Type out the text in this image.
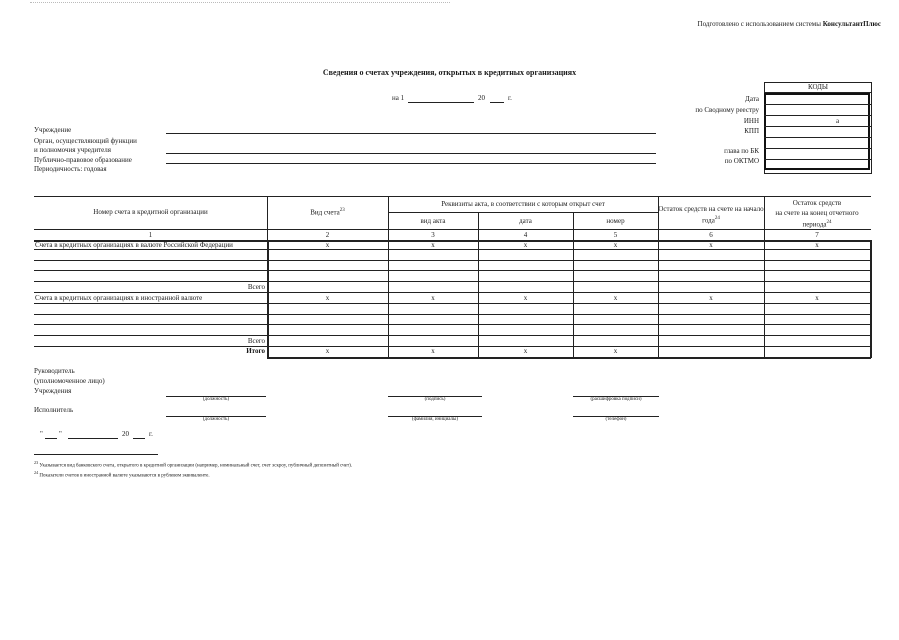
Подготовлено с использованием системы КонсультантПлюс
Сведения о счетах учреждения, открытых в кредитных организациях
на 1	20	г.
КОДЫ
а
Дата
по Сводному реестру
ИНН
КПП
глава по БК
по ОКТМО
Учреждение
Орган, осуществляющий функции
и полномочия учредителя
Публично-правовое образование
Периодичность: годовая
Номер счета в кредитной организации	Вид счета$^{23}$
Реквизиты акта, в соответствии с которым открыт счет
вид акта	дата	номер
Остаток средств на счете на начало года$^{24}$
Остаток средств
на счете на конец отчетного
периода$^{24}$
1	2	3	4	5	6	7
Счета в кредитных организациях в валюте Российской Федерации	x	x	x	x	x	x
Всего
Счета в кредитных организациях в иностранной валюте	x	x	x	x	x	x
Всего
Итого	x	x	x	x
Руководитель
(уполномоченное лицо)
Учреждения
(должность)	(подпись)	(расшифровка подписи)
Исполнитель
(должность)	(фамилия, инициалы)	(телефон)
" "	20	г.
$^{23}$ Указывается вид банковского счета, открытого в кредитной организации (например, номинальный счет, счет эскроу, публичный депозитный счет).
$^{24}$ Показатели счетов в иностранной валюте указываются в рублевом эквиваленте.
